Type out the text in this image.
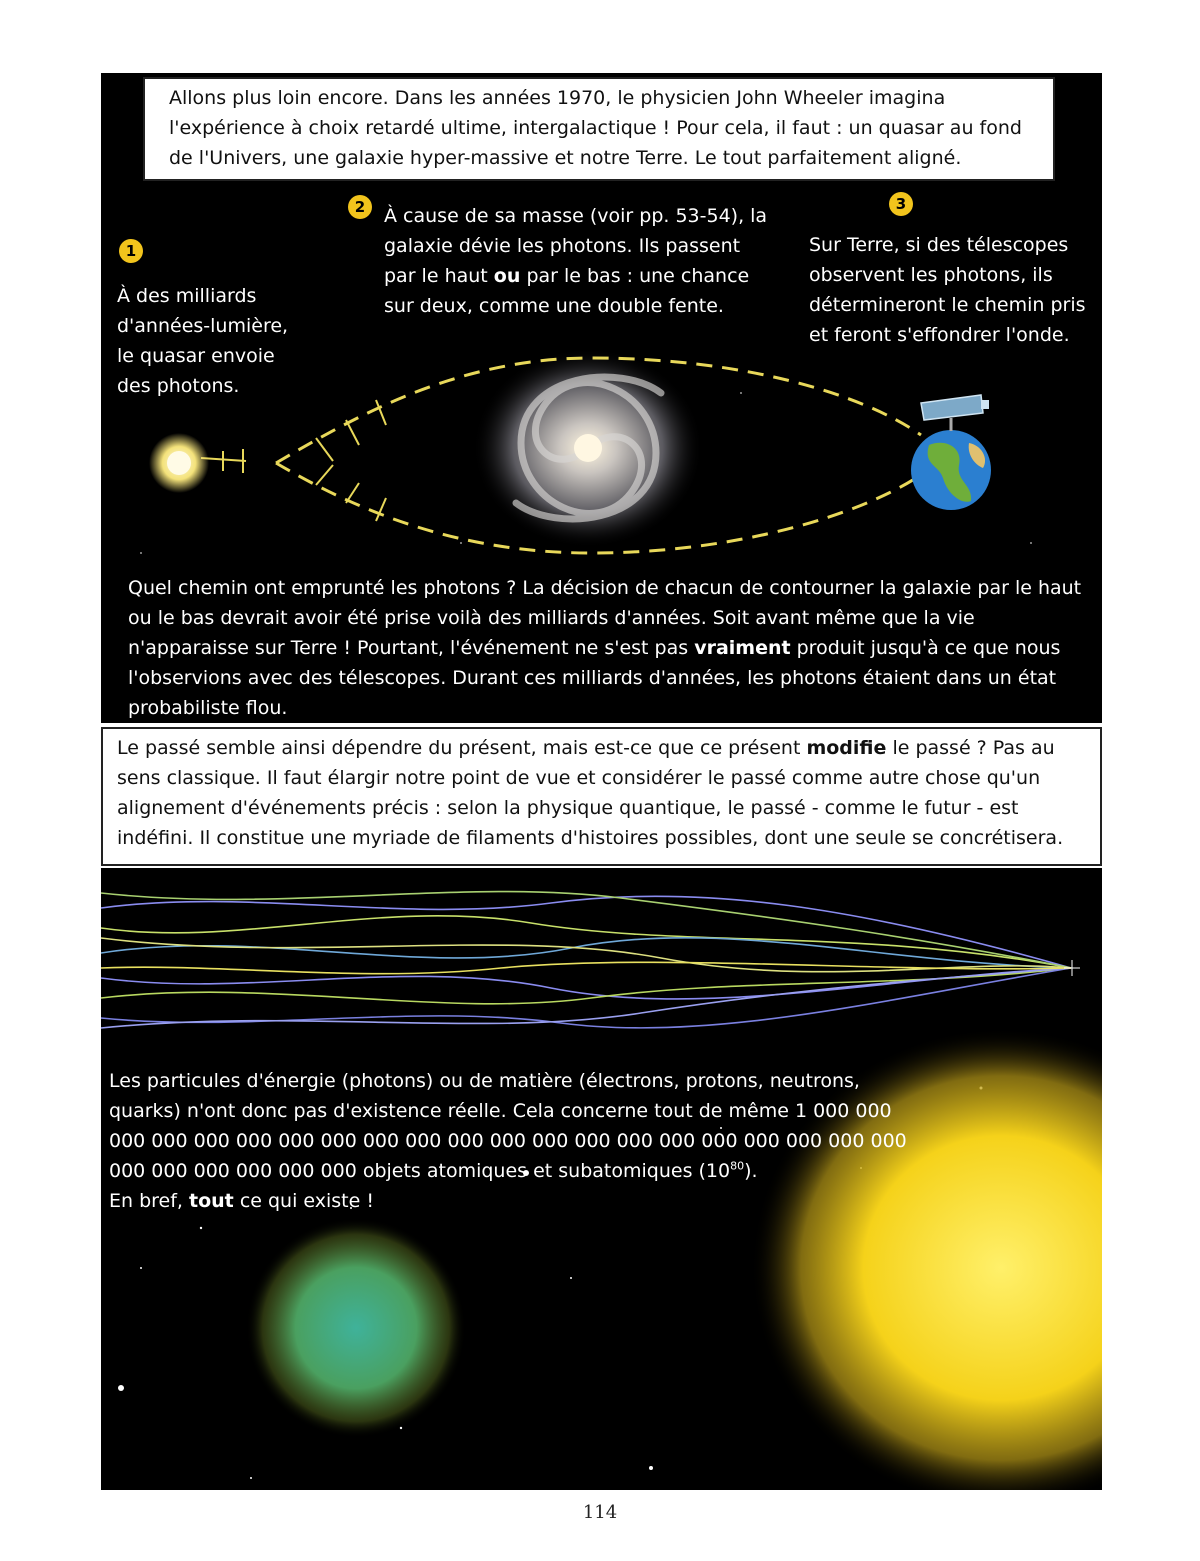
1
À des milliards d'années-lumière, le quasar envoie des photons.
2 À cause de sa masse (voir pp. 53-54), la galaxie dévie les photons. Ils passent par le haut ou par le bas : une chance sur deux, comme une double fente.
3
Sur Terre, si des télescopes observent les photons, ils détermineront le chemin pris et feront s'effondrer l'onde.
Quel chemin ont emprunté les photons ? La décision de chacun de contourner la galaxie par le haut ou le bas devrait avoir été prise voilà des milliards d'années. Soit avant même que la vie n'apparaisse sur Terre ! Pourtant, l'événement ne s'est pas vraiment produit jusqu'à ce que nous l'observions avec des télescopes. Durant ces milliards d'années, les photons étaient dans un état probabiliste flou.
Allons plus loin encore. Dans les années 1970, le physicien John Wheeler imagina l'expérience à choix retardé ultime, intergalactique ! Pour cela, il faut : un quasar au fond de l'Univers, une galaxie hyper-massive et notre Terre. Le tout parfaitement aligné.
Le passé semble ainsi dépendre du présent, mais est-ce que ce présent modifie le passé ? Pas au sens classique. Il faut élargir notre point de vue et considérer le passé comme autre chose qu'un alignement d'événements précis : selon la physique quantique, le passé - comme le futur - est indéfini. Il constitue une myriade de filaments d'histoires possibles, dont une seule se concrétisera.
Les particules d'énergie (photons) ou de matière (électrons, protons, neutrons,
quarks) n'ont donc pas d'existence réelle. Cela concerne tout de même 1 000 000
000 000 000 000 000 000 000 000 000 000 000 000 000 000 000 000 000 000 000
000 000 000 000 000 000 objets atomiques et subatomiques $(10^{80})$.
En bref, tout ce qui existe !
114
